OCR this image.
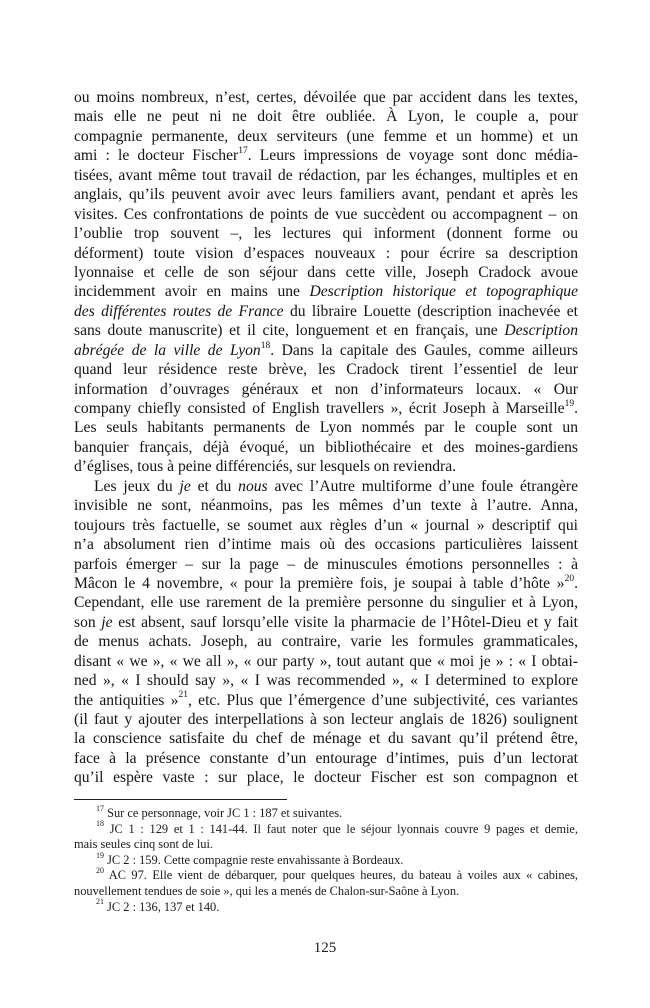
ou moins nombreux, n’est, certes, dévoilée que par accident dans les textes,
mais elle ne peut ni ne doit être oubliée. À Lyon, le couple a, pour
compagnie permanente, deux serviteurs (une femme et un homme) et un
ami : le docteur Fischer$^{17}$. Leurs impressions de voyage sont donc média-
tisées, avant même tout travail de rédaction, par les échanges, multiples et en
anglais, qu’ils peuvent avoir avec leurs familiers avant, pendant et après les
visites. Ces confrontations de points de vue succèdent ou accompagnent – on
l’oublie trop souvent –, les lectures qui informent (donnent forme ou
déforment) toute vision d’espaces nouveaux : pour écrire sa description
lyonnaise et celle de son séjour dans cette ville, Joseph Cradock avoue
incidemment avoir en mains une Description historique et topographique
des différentes routes de France du libraire Louette (description inachevée et
sans doute manuscrite) et il cite, longuement et en français, une Description
abrégée de la ville de Lyon$^{18}$. Dans la capitale des Gaules, comme ailleurs
quand leur résidence reste brève, les Cradock tirent l’essentiel de leur
information d’ouvrages généraux et non d’informateurs locaux. « Our
company chiefly consisted of English travellers », écrit Joseph à Marseille$^{19}$.
Les seuls habitants permanents de Lyon nommés par le couple sont un
banquier français, déjà évoqué, un bibliothécaire et des moines-gardiens
d’églises, tous à peine différenciés, sur lesquels on reviendra.
Les jeux du je et du nous avec l’Autre multiforme d’une foule étrangère
invisible ne sont, néanmoins, pas les mêmes d’un texte à l’autre. Anna,
toujours très factuelle, se soumet aux règles d’un « journal » descriptif qui
n’a absolument rien d’intime mais où des occasions particulières laissent
parfois émerger – sur la page – de minuscules émotions personnelles : à
Mâcon le 4 novembre, « pour la première fois, je soupai à table d’hôte »$^{20}$.
Cependant, elle use rarement de la première personne du singulier et à Lyon,
son je est absent, sauf lorsqu’elle visite la pharmacie de l’Hôtel-Dieu et y fait
de menus achats. Joseph, au contraire, varie les formules grammaticales,
disant « we », « we all », « our party », tout autant que « moi je » : « I obtai-
ned », « I should say », « I was recommended », « I determined to explore
the antiquities »$^{21}$, etc. Plus que l’émergence d’une subjectivité, ces variantes
(il faut y ajouter des interpellations à son lecteur anglais de 1826) soulignent
la conscience satisfaite du chef de ménage et du savant qu’il prétend être,
face à la présence constante d’un entourage d’intimes, puis d’un lectorat
qu’il espère vaste : sur place, le docteur Fischer est son compagnon et
$^{17}$ Sur ce personnage, voir JC 1 : 187 et suivantes.
$^{18}$ JC 1 : 129 et 1 : 141-44. Il faut noter que le séjour lyonnais couvre 9 pages et demie,
mais seules cinq sont de lui.
$^{19}$ JC 2 : 159. Cette compagnie reste envahissante à Bordeaux.
$^{20}$ AC 97. Elle vient de débarquer, pour quelques heures, du bateau à voiles aux « cabines,
nouvellement tendues de soie », qui les a menés de Chalon-sur-Saône à Lyon.
$^{21}$ JC 2 : 136, 137 et 140.
125
